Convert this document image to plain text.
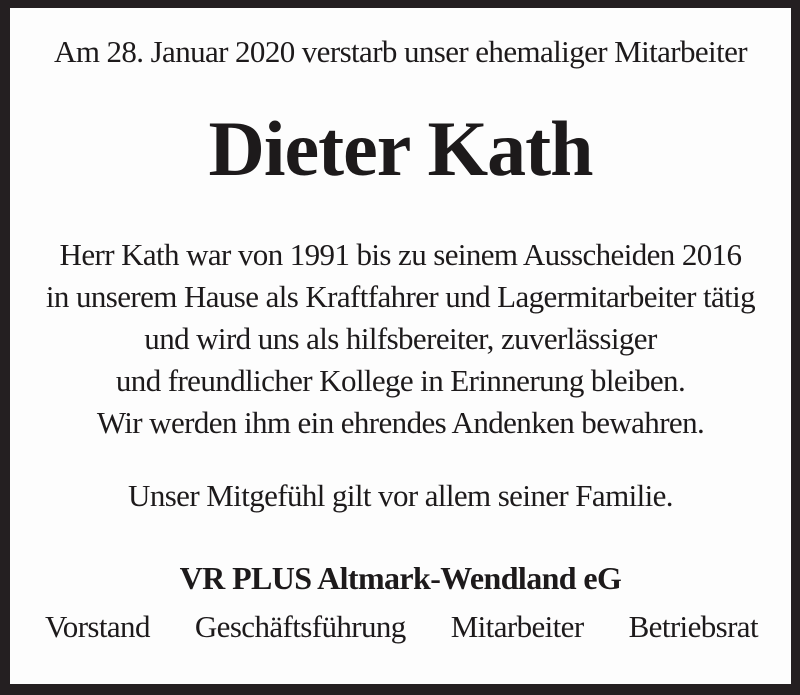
Am 28. Januar 2020 verstarb unser ehemaliger Mitarbeiter
Dieter Kath
Herr Kath war von 1991 bis zu seinem Ausscheiden 2016
in unserem Hause als Kraftfahrer und Lagermitarbeiter tätig
und wird uns als hilfsbereiter, zuverlässiger
und freundlicher Kollege in Erinnerung bleiben.
Wir werden ihm ein ehrendes Andenken bewahren.
Unser Mitgefühl gilt vor allem seiner Familie.
VR PLUS Altmark-Wendland eG
Vorstand Geschäftsführung Mitarbeiter Betriebsrat
